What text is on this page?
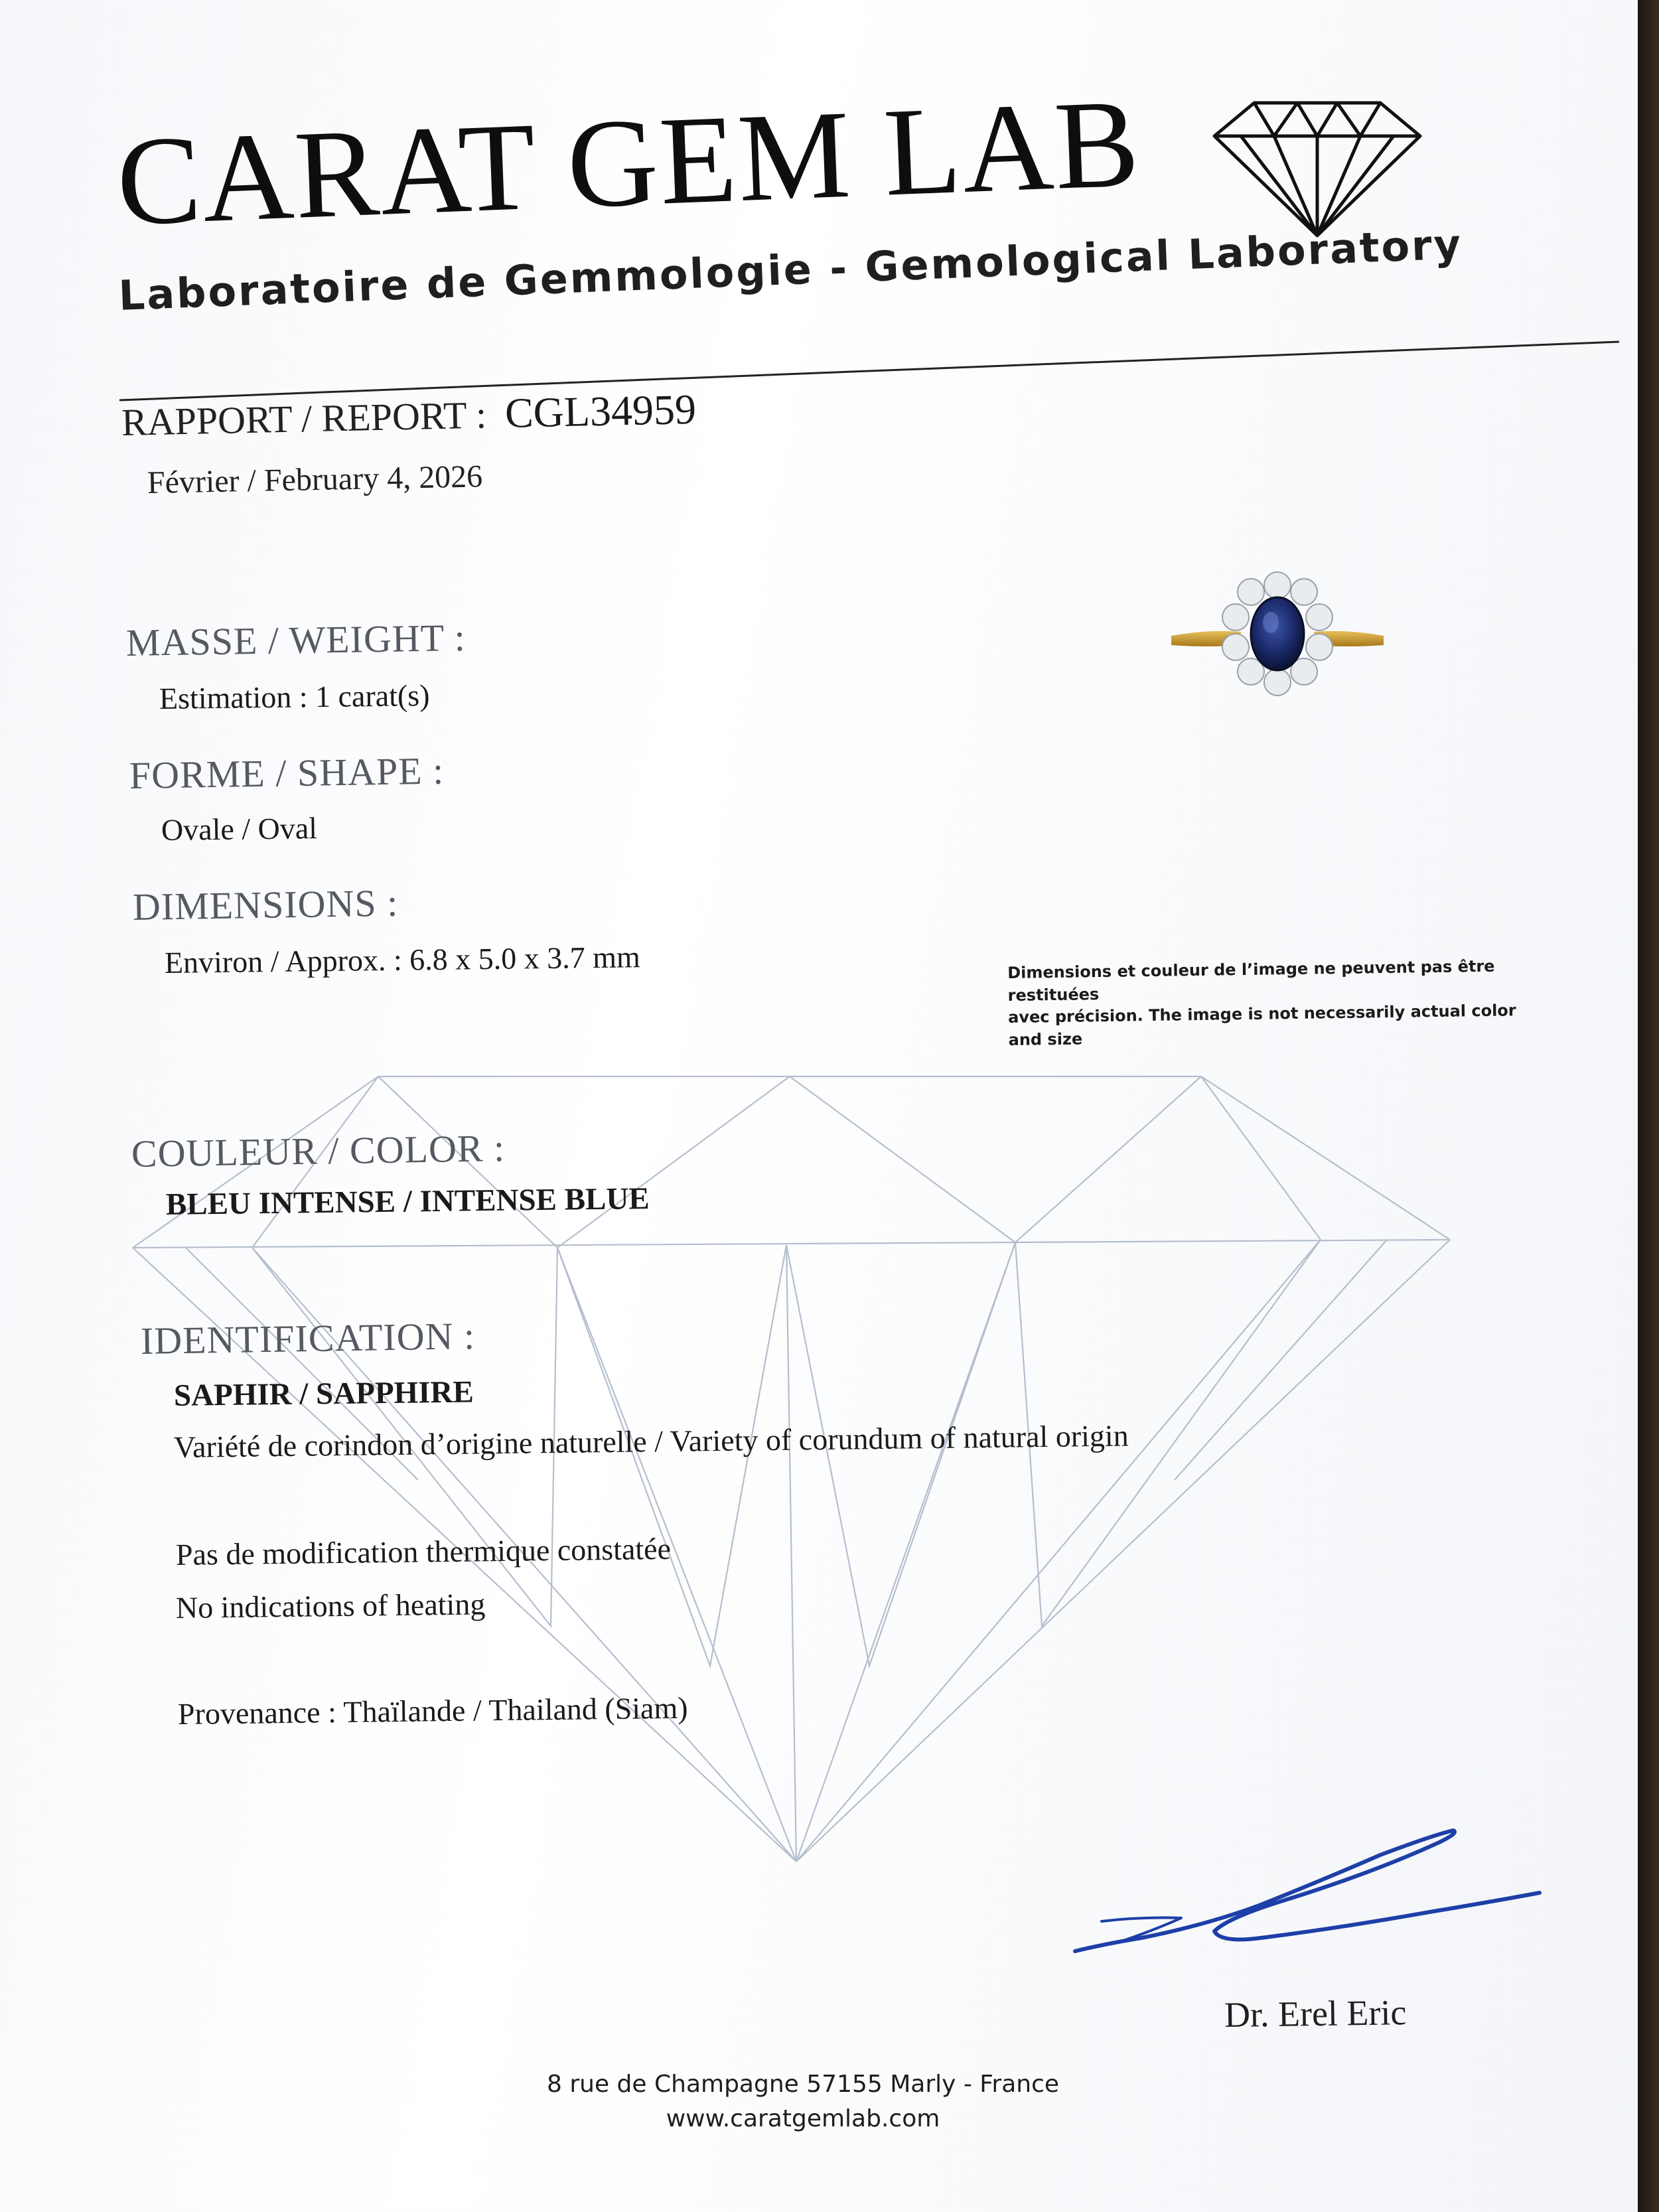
CARAT GEM LAB
Laboratoire de Gemmologie - Gemological Laboratory
RAPPORT / REPORT : CGL34959
Février / February 4, 2026
Dimensions et couleur de l’image ne peuvent pas être restituées
avec précision. The image is not necessarily actual color and size
MASSE / WEIGHT :
Estimation : 1 carat(s)
FORME / SHAPE :
Ovale / Oval
DIMENSIONS :
Environ / Approx. : 6.8 x 5.0 x 3.7 mm
COULEUR / COLOR :
BLEU INTENSE / INTENSE BLUE
IDENTIFICATION :
SAPHIR / SAPPHIRE
Variété de corindon d’origine naturelle / Variety of corundum of natural origin
Pas de modification thermique constatée
No indications of heating
Provenance : Thaïlande / Thailand (Siam)
Dr. Erel Eric
8 rue de Champagne 57155 Marly - France
www.caratgemlab.com
